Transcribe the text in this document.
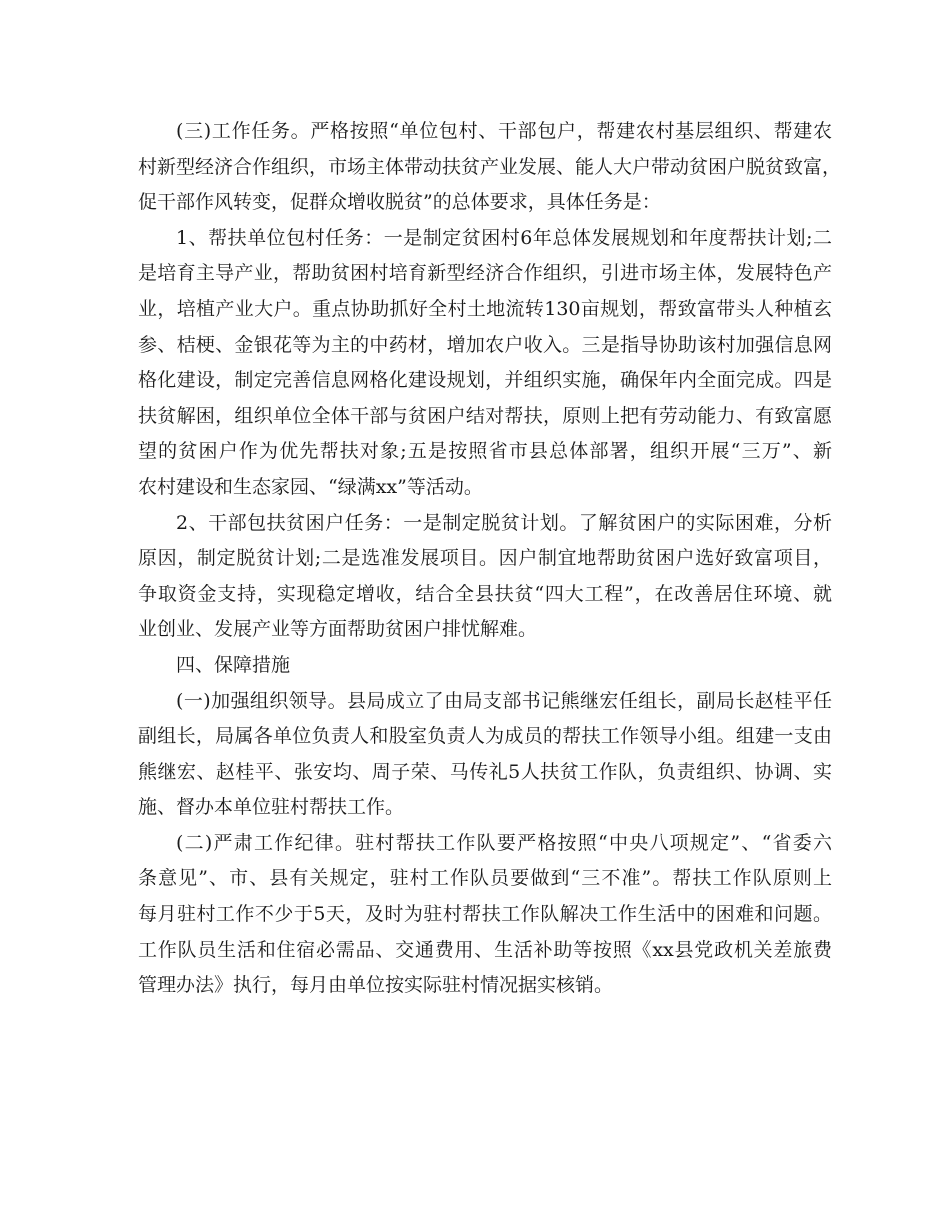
(三)工作任务。严格按照“单位包村、干部包户，帮建农村基层组织、帮建农
村新型经济合作组织，市场主体带动扶贫产业发展、能人大户带动贫困户脱贫致富，
促干部作风转变，促群众增收脱贫”的总体要求，具体任务是：
1、帮扶单位包村任务：一是制定贫困村6年总体发展规划和年度帮扶计划;二
是培育主导产业，帮助贫困村培育新型经济合作组织，引进市场主体，发展特色产
业，培植产业大户。重点协助抓好全村土地流转130亩规划，帮致富带头人种植玄
参、桔梗、金银花等为主的中药材，增加农户收入。三是指导协助该村加强信息网
格化建设，制定完善信息网格化建设规划，并组织实施，确保年内全面完成。四是
扶贫解困，组织单位全体干部与贫困户结对帮扶，原则上把有劳动能力、有致富愿
望的贫困户作为优先帮扶对象;五是按照省市县总体部署，组织开展“三万”、新
农村建设和生态家园、“绿满xx”等活动。
2、干部包扶贫困户任务：一是制定脱贫计划。了解贫困户的实际困难，分析
原因，制定脱贫计划;二是选准发展项目。因户制宜地帮助贫困户选好致富项目，
争取资金支持，实现稳定增收，结合全县扶贫“四大工程”，在改善居住环境、就
业创业、发展产业等方面帮助贫困户排忧解难。
四、保障措施
(一)加强组织领导。县局成立了由局支部书记熊继宏任组长，副局长赵桂平任
副组长，局属各单位负责人和股室负责人为成员的帮扶工作领导小组。组建一支由
熊继宏、赵桂平、张安均、周子荣、马传礼5人扶贫工作队，负责组织、协调、实
施、督办本单位驻村帮扶工作。
(二)严肃工作纪律。驻村帮扶工作队要严格按照“中央八项规定”、“省委六
条意见”、市、县有关规定，驻村工作队员要做到“三不准”。帮扶工作队原则上
每月驻村工作不少于5天，及时为驻村帮扶工作队解决工作生活中的困难和问题。
工作队员生活和住宿必需品、交通费用、生活补助等按照《xx县党政机关差旅费
管理办法》执行，每月由单位按实际驻村情况据实核销。
